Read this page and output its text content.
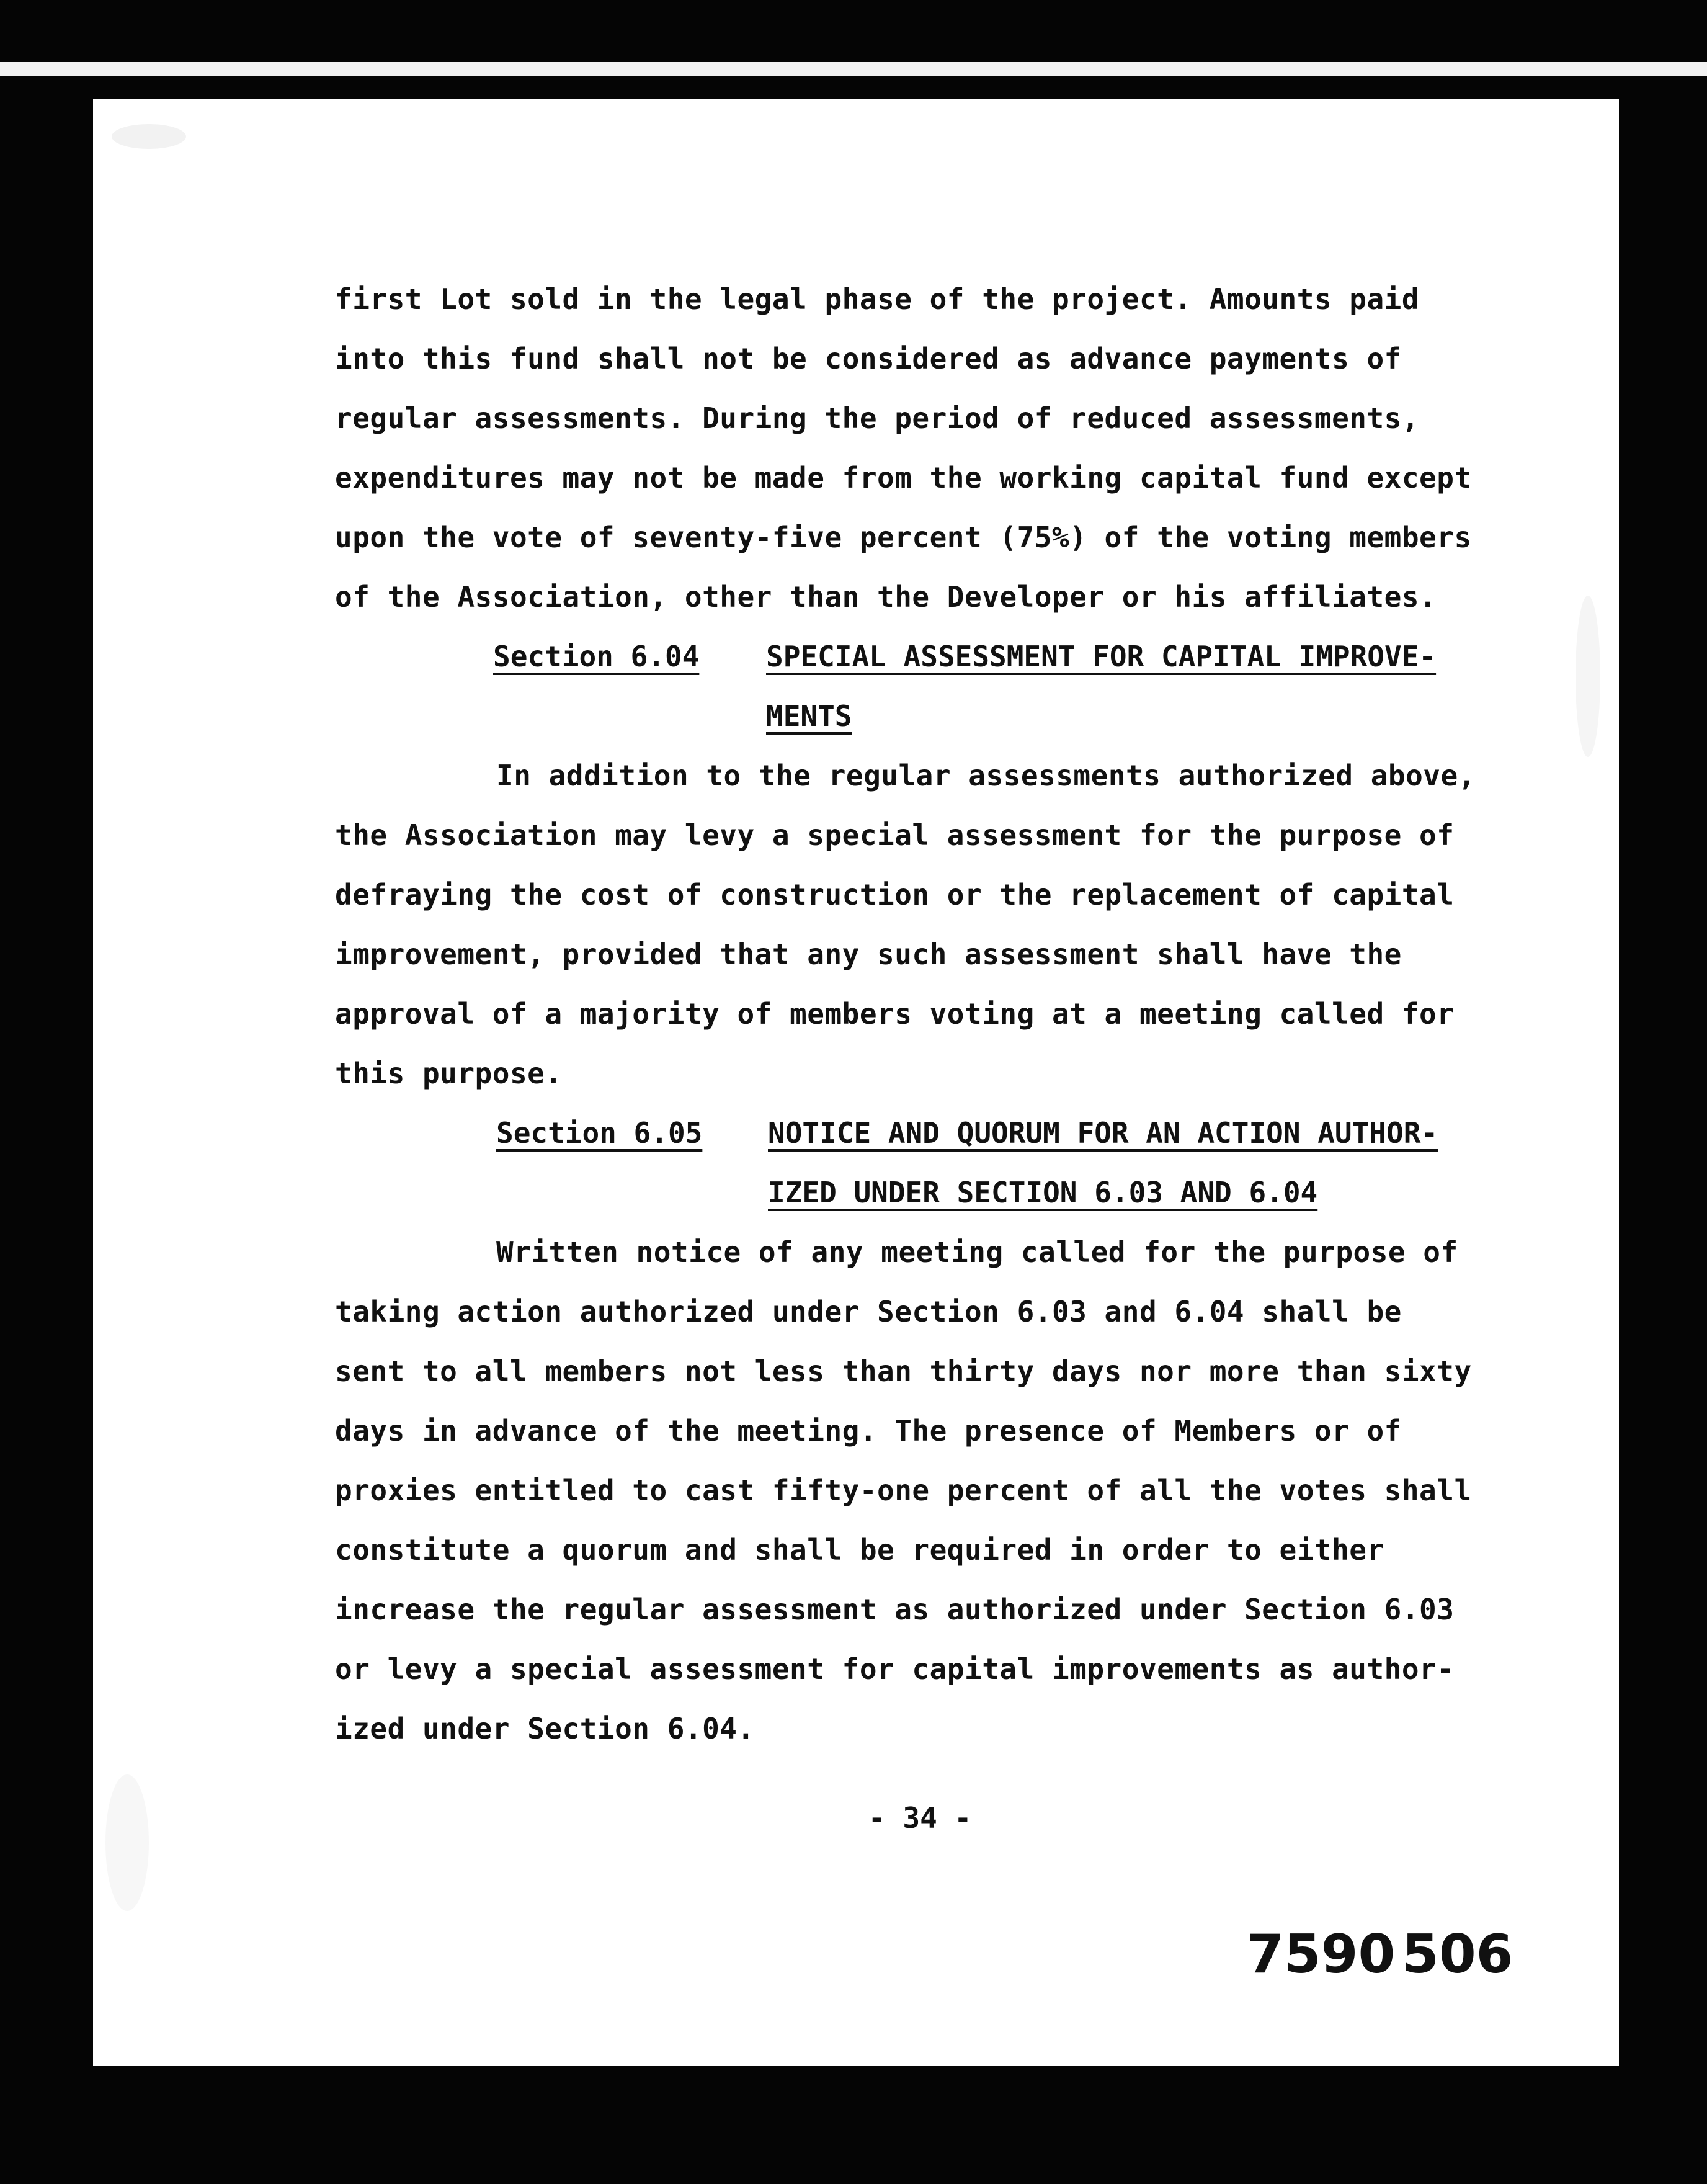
first Lot sold in the legal phase of the project. Amounts paid
into this fund shall not be considered as advance payments of
regular assessments. During the period of reduced assessments,
expenditures may not be made from the working capital fund except
upon the vote of seventy-five percent (75%) of the voting members
of the Association, other than the Developer or his affiliates.
Section 6.04 SPECIAL ASSESSMENT FOR CAPITAL IMPROVE-
MENTS
In addition to the regular assessments authorized above,
the Association may levy a special assessment for the purpose of
defraying the cost of construction or the replacement of capital
improvement, provided that any such assessment shall have the
approval of a majority of members voting at a meeting called for
this purpose.
Section 6.05 NOTICE AND QUORUM FOR AN ACTION AUTHOR-
IZED UNDER SECTION 6.03 AND 6.04
Written notice of any meeting called for the purpose of
taking action authorized under Section 6.03 and 6.04 shall be
sent to all members not less than thirty days nor more than sixty
days in advance of the meeting. The presence of Members or of
proxies entitled to cast fifty-one percent of all the votes shall
constitute a quorum and shall be required in order to either
increase the regular assessment as authorized under Section 6.03
or levy a special assessment for capital improvements as author-
ized under Section 6.04.
- 34 -
7590 506
